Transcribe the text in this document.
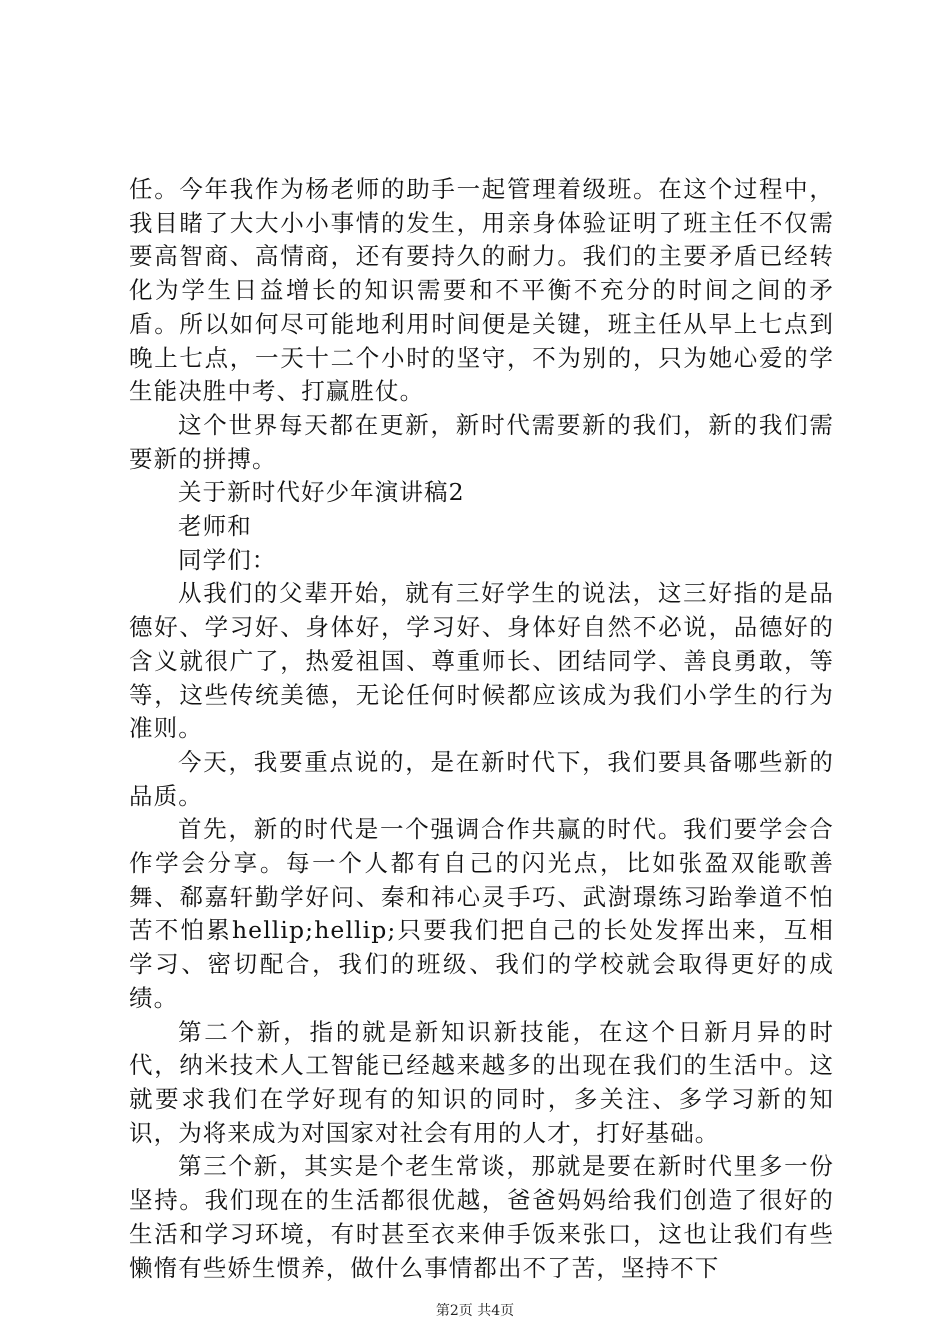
任。今年我作为杨老师的助手一起管理着级班。在这个过程中，我目睹了大大小小事情的发生，用亲身体验证明了班主任不仅需要高智商、高情商，还有要持久的耐力。我们的主要矛盾已经转化为学生日益增长的知识需要和不平衡不充分的时间之间的矛盾。所以如何尽可能地利用时间便是关键，班主任从早上七点到晚上七点，一天十二个小时的坚守，不为别的，只为她心爱的学生能决胜中考、打赢胜仗。

这个世界每天都在更新，新时代需要新的我们，新的我们需要新的拼搏。

关于新时代好少年演讲稿2

老师和

同学们：

从我们的父辈开始，就有三好学生的说法，这三好指的是品德好、学习好、身体好，学习好、身体好自然不必说，品德好的含义就很广了，热爱祖国、尊重师长、团结同学、善良勇敢，等等，这些传统美德，无论任何时候都应该成为我们小学生的行为准则。

今天，我要重点说的，是在新时代下，我们要具备哪些新的品质。

首先，新的时代是一个强调合作共赢的时代。我们要学会合作学会分享。每一个人都有自己的闪光点，比如张盈双能歌善舞、郗嘉轩勤学好问、秦和祎心灵手巧、武澍璟练习跆拳道不怕苦不怕累hellip;hellip;只要我们把自己的长处发挥出来，互相学习、密切配合，我们的班级、我们的学校就会取得更好的成绩。

第二个新，指的就是新知识新技能，在这个日新月异的时代，纳米技术人工智能已经越来越多的出现在我们的生活中。这就要求我们在学好现有的知识的同时，多关注、多学习新的知识，为将来成为对国家对社会有用的人才，打好基础。

第三个新，其实是个老生常谈，那就是要在新时代里多一份坚持。我们现在的生活都很优越，爸爸妈妈给我们创造了很好的生活和学习环境，有时甚至衣来伸手饭来张口，这也让我们有些懒惰有些娇生惯养，做什么事情都出不了苦，坚持不下

第2页 共4页
